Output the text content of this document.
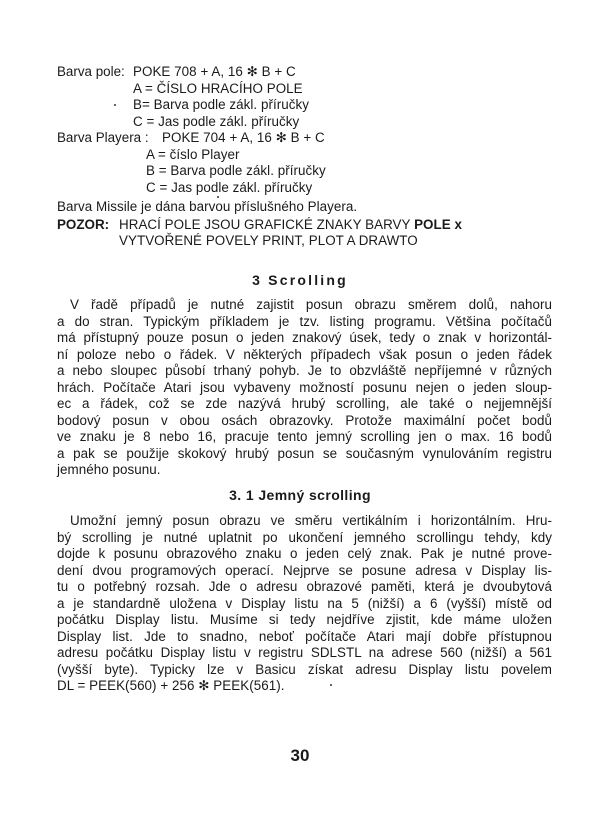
Barva pole: POKE 708 + A, 16 ✻ B + C
A = ČÍSLO HRACÍHO POLE
B= Barva podle zákl. příručky
C = Jas podle zákl. příručky
Barva Playera : POKE 704 + A, 16 ✻ B + C
A = číslo Player
B = Barva podle zákl. příručky
C = Jas podle zákl. příručky
Barva Missile je dána barvou příslušného Playera.
POZOR: HRACÍ POLE JSOU GRAFICKÉ ZNAKY BARVY POLE x
VYTVOŘENÉ POVELY PRINT, PLOT A DRAWTO
3 Scrolling
V řadě případů je nutné zajistit posun obrazu směrem dolů, nahoru
a do stran. Typickým příkladem je tzv. listing programu. Většina počítačů
má přístupný pouze posun o jeden znakový úsek, tedy o znak v horizontál-
ní poloze nebo o řádek. V některých případech však posun o jeden řádek
a nebo sloupec působí trhaný pohyb. Je to obzvláště nepříjemné v různých
hrách. Počítače Atari jsou vybaveny možností posunu nejen o jeden sloup-
ec a řádek, což se zde nazývá hrubý scrolling, ale také o nejjemnější
bodový posun v obou osách obrazovky. Protože maximální počet bodů
ve znaku je 8 nebo 16, pracuje tento jemný scrolling jen o max. 16 bodů
a pak se použije skokový hrubý posun se současným vynulováním registru
jemného posunu.
3. 1 Jemný scrolling
Umožní jemný posun obrazu ve směru vertikálním i horizontálním. Hru-
bý scrolling je nutné uplatnit po ukončení jemného scrollingu tehdy, kdy
dojde k posunu obrazového znaku o jeden celý znak. Pak je nutné prove-
dení dvou programových operací. Nejprve se posune adresa v Display lis-
tu o potřebný rozsah. Jde o adresu obrazové paměti, která je dvoubytová
a je standardně uložena v Display listu na 5 (nižší) a 6 (vyšší) místě od
počátku Display listu. Musíme si tedy nejdříve zjistit, kde máme uložen
Display list. Jde to snadno, neboť počítače Atari mají dobře přístupnou
adresu počátku Display listu v registru SDLSTL na adrese 560 (nižší) a 561
(vyšší byte). Typicky lze v Basicu získat adresu Display listu povelem
DL = PEEK(560) + 256 ✻ PEEK(561).
30
